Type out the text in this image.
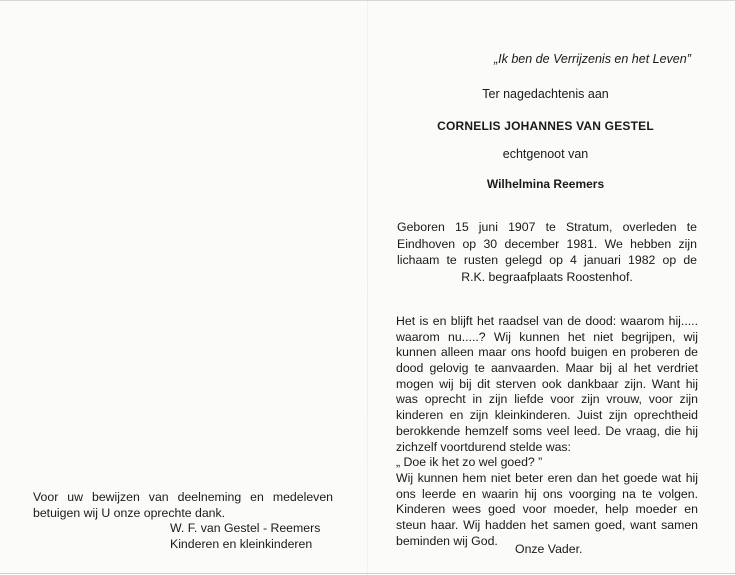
Voor uw bewijzen van deelneming en medeleven
betuigen wij U onze oprechte dank.
W. F. van Gestel - Reemers
Kinderen en kleinkinderen

„Ik ben de Verrijzenis en het Leven”

Ter nagedachtenis aan

CORNELIS JOHANNES VAN GESTEL

echtgenoot van

Wilhelmina Reemers

Geboren 15 juni 1907 te Stratum, overleden te
Eindhoven op 30 december 1981. We hebben zijn
lichaam te rusten gelegd op 4 januari 1982 op de
R.K. begraafplaats Roostenhof.
Het is en blijft het raadsel van de dood: waarom hij.....
waarom nu.....? Wij kunnen het niet begrijpen, wij
kunnen alleen maar ons hoofd buigen en proberen de
dood gelovig te aanvaarden. Maar bij al het verdriet
mogen wij bij dit sterven ook dankbaar zijn. Want hij
was oprecht in zijn liefde voor zijn vrouw, voor zijn
kinderen en zijn kleinkinderen. Juist zijn oprechtheid
berokkende hemzelf soms veel leed. De vraag, die hij
zichzelf voortdurend stelde was:
„ Doe ik het zo wel goed? ”
Wij kunnen hem niet beter eren dan het goede wat hij
ons leerde en waarin hij ons voorging na te volgen.
Kinderen wees goed voor moeder, help moeder en
steun haar. Wij hadden het samen goed, want samen
beminden wij God.

Onze Vader.
